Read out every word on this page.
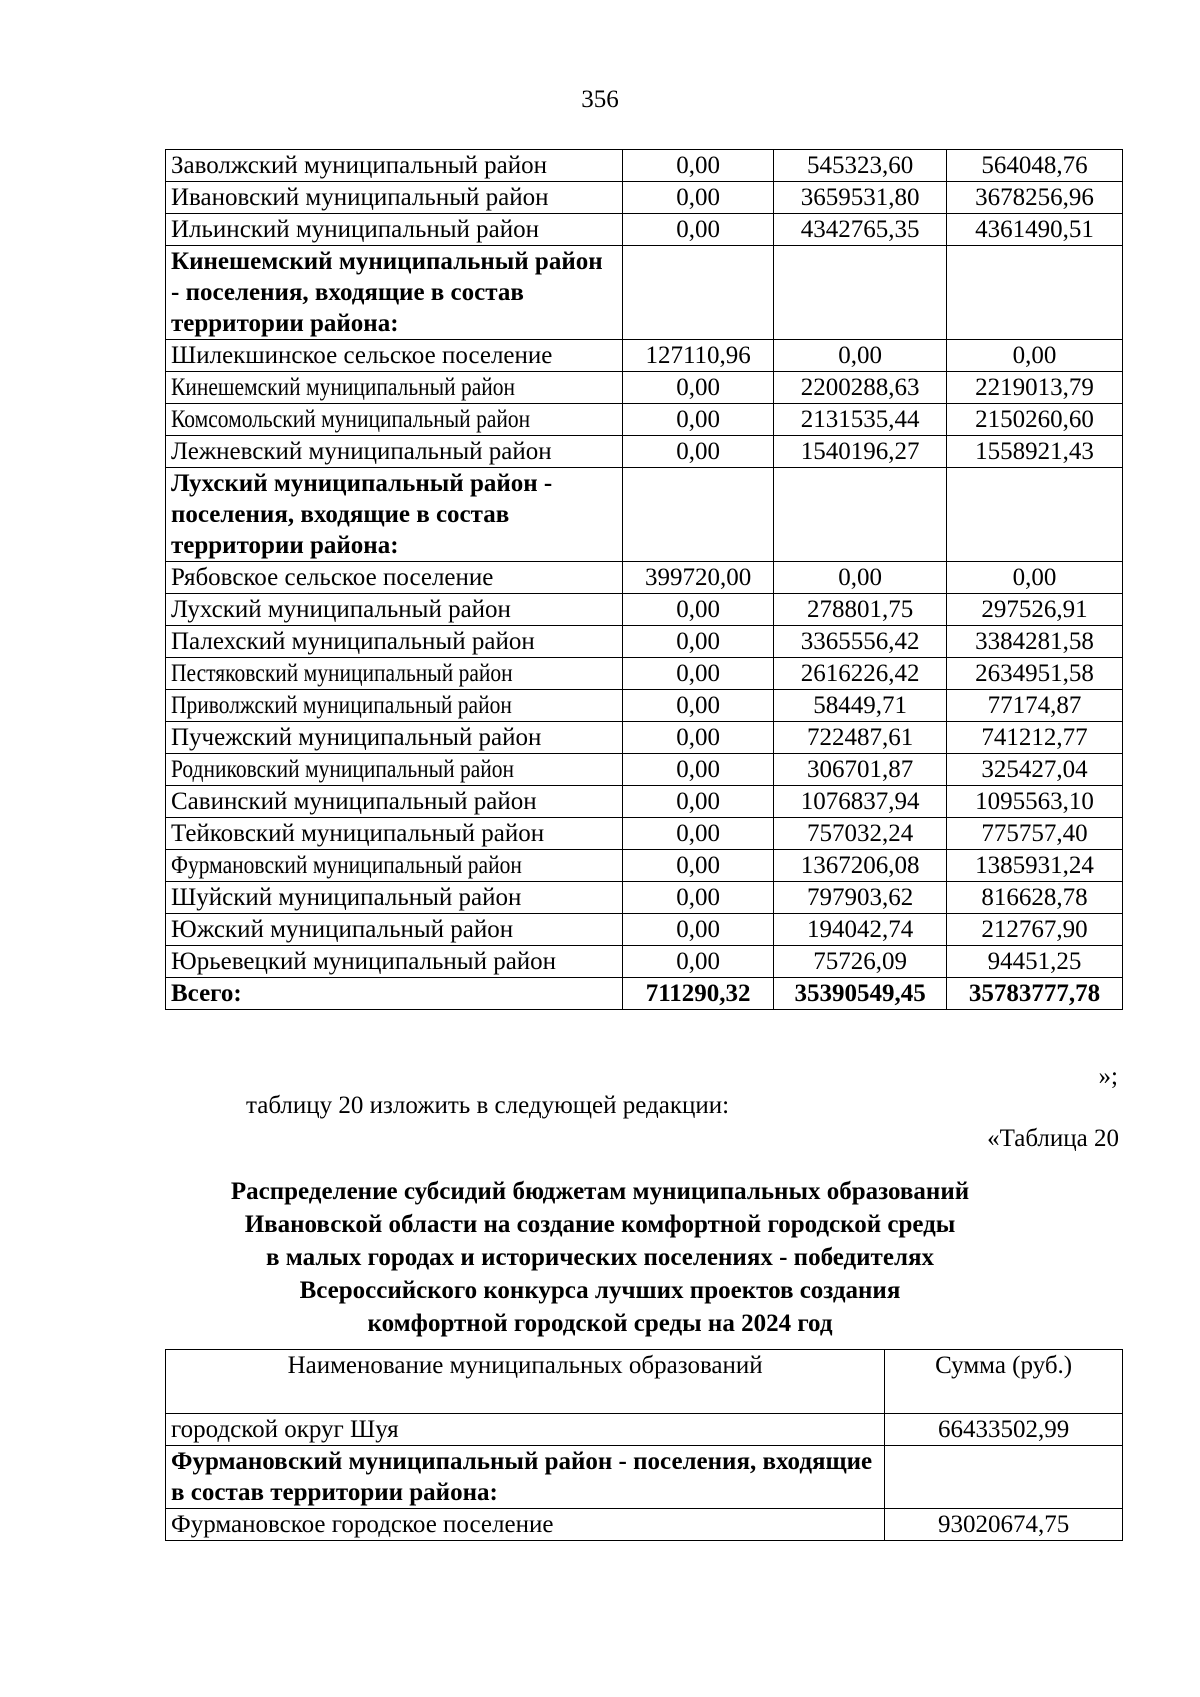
356
Заволжский муниципальный район	0,00	545323,60	564048,76
Ивановский муниципальный район	0,00	3659531,80	3678256,96
Ильинский муниципальный район	0,00	4342765,35	4361490,51
Кинешемский муниципальный район - поселения, входящие в состав территории района:			
Шилекшинское сельское поселение	127110,96	0,00	0,00
Кинешемский муниципальный район	0,00	2200288,63	2219013,79
Комсомольский муниципальный район	0,00	2131535,44	2150260,60
Лежневский муниципальный район	0,00	1540196,27	1558921,43
Лухский муниципальный район - поселения, входящие в состав территории района:			
Рябовское сельское поселение	399720,00	0,00	0,00
Лухский муниципальный район	0,00	278801,75	297526,91
Палехский муниципальный район	0,00	3365556,42	3384281,58
Пестяковский муниципальный район	0,00	2616226,42	2634951,58
Приволжский муниципальный район	0,00	58449,71	77174,87
Пучежский муниципальный район	0,00	722487,61	741212,77
Родниковский муниципальный район	0,00	306701,87	325427,04
Савинский муниципальный район	0,00	1076837,94	1095563,10
Тейковский муниципальный район	0,00	757032,24	775757,40
Фурмановский муниципальный район	0,00	1367206,08	1385931,24
Шуйский муниципальный район	0,00	797903,62	816628,78
Южский муниципальный район	0,00	194042,74	212767,90
Юрьевецкий муниципальный район	0,00	75726,09	94451,25
Всего:	711290,32	35390549,45	35783777,78
»;
таблицу 20 изложить в следующей редакции:
«Таблица 20
Распределение субсидий бюджетам муниципальных образований
Ивановской области на создание комфортной городской среды
в малых городах и исторических поселениях - победителях
Всероссийского конкурса лучших проектов создания
комфортной городской среды на 2024 год
Наименование муниципальных образований	Сумма (руб.)
городской округ Шуя	66433502,99
Фурмановский муниципальный район - поселения, входящие в состав территории района:	
Фурмановское городское поселение	93020674,75
